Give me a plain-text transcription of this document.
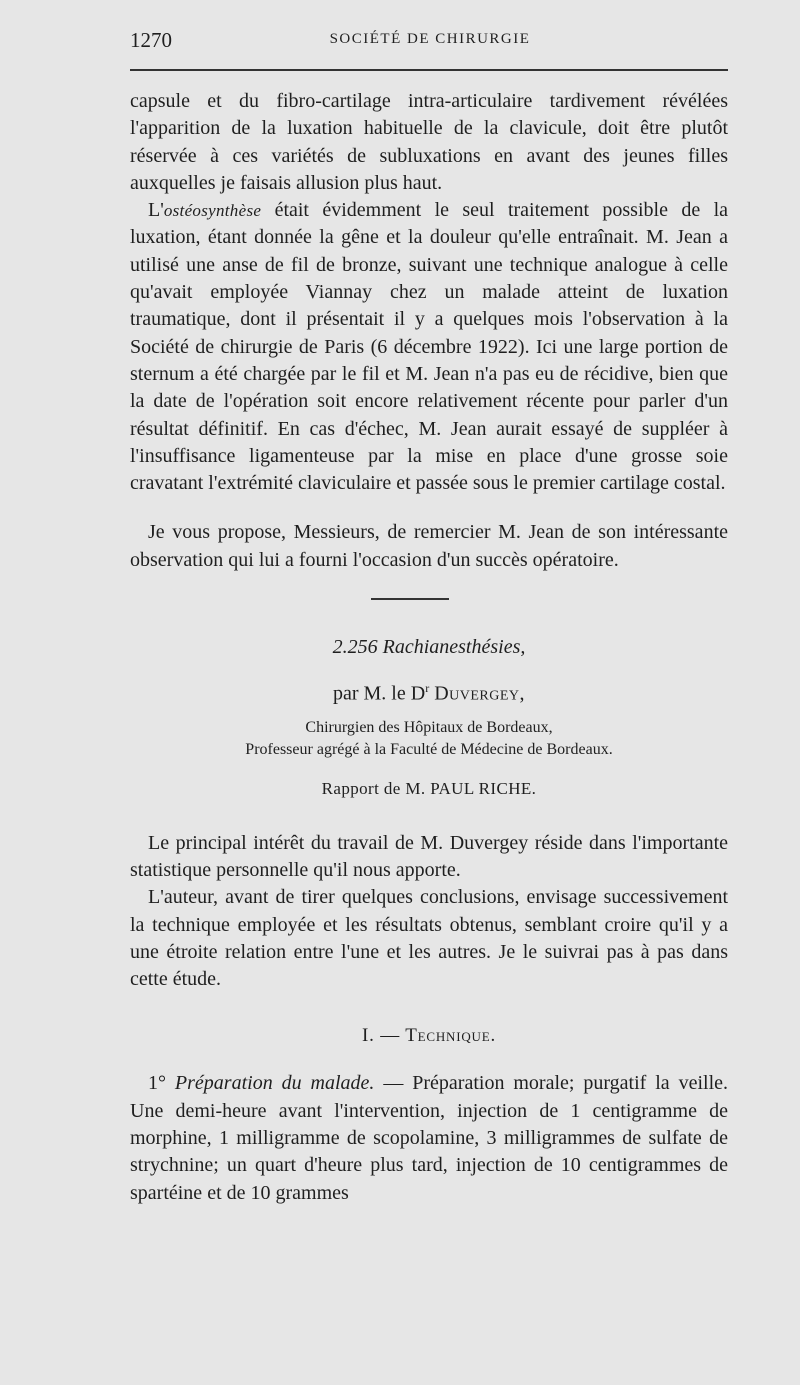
1270	SOCIÉTÉ DE CHIRURGIE

capsule et du fibro-cartilage intra-articulaire tardivement révélées l'apparition de la luxation habituelle de la clavicule, doit être plutôt réservée à ces variétés de subluxations en avant des jeunes filles auxquelles je faisais allusion plus haut.

L'ostéosynthèse était évidemment le seul traitement possible de la luxation, étant donnée la gêne et la douleur qu'elle entraînait. M. Jean a utilisé une anse de fil de bronze, suivant une technique analogue à celle qu'avait employée Viannay chez un malade atteint de luxation traumatique, dont il présentait il y a quelques mois l'observation à la Société de chirurgie de Paris (6 décembre 1922). Ici une large portion de sternum a été chargée par le fil et M. Jean n'a pas eu de récidive, bien que la date de l'opération soit encore relativement récente pour parler d'un résultat définitif. En cas d'échec, M. Jean aurait essayé de suppléer à l'insuffisance ligamenteuse par la mise en place d'une grosse soie cravatant l'extrémité claviculaire et passée sous le premier cartilage costal.

Je vous propose, Messieurs, de remercier M. Jean de son intéressante observation qui lui a fourni l'occasion d'un succès opératoire.

2.256 Rachianesthésies,
par M. le $D^r$ Duvergey,
Chirurgien des Hôpitaux de Bordeaux,
Professeur agrégé à la Faculté de Médecine de Bordeaux.
Rapport de M. PAUL RICHE.

Le principal intérêt du travail de M. Duvergey réside dans l'importante statistique personnelle qu'il nous apporte.

L'auteur, avant de tirer quelques conclusions, envisage successivement la technique employée et les résultats obtenus, semblant croire qu'il y a une étroite relation entre l'une et les autres. Je le suivrai pas à pas dans cette étude.

I. — Technique.

1° Préparation du malade. — Préparation morale; purgatif la veille. Une demi-heure avant l'intervention, injection de 1 centigramme de morphine, 1 milligramme de scopolamine, 3 milligrammes de sulfate de strychnine; un quart d'heure plus tard, injection de 10 centigrammes de spartéine et de 10 grammes
